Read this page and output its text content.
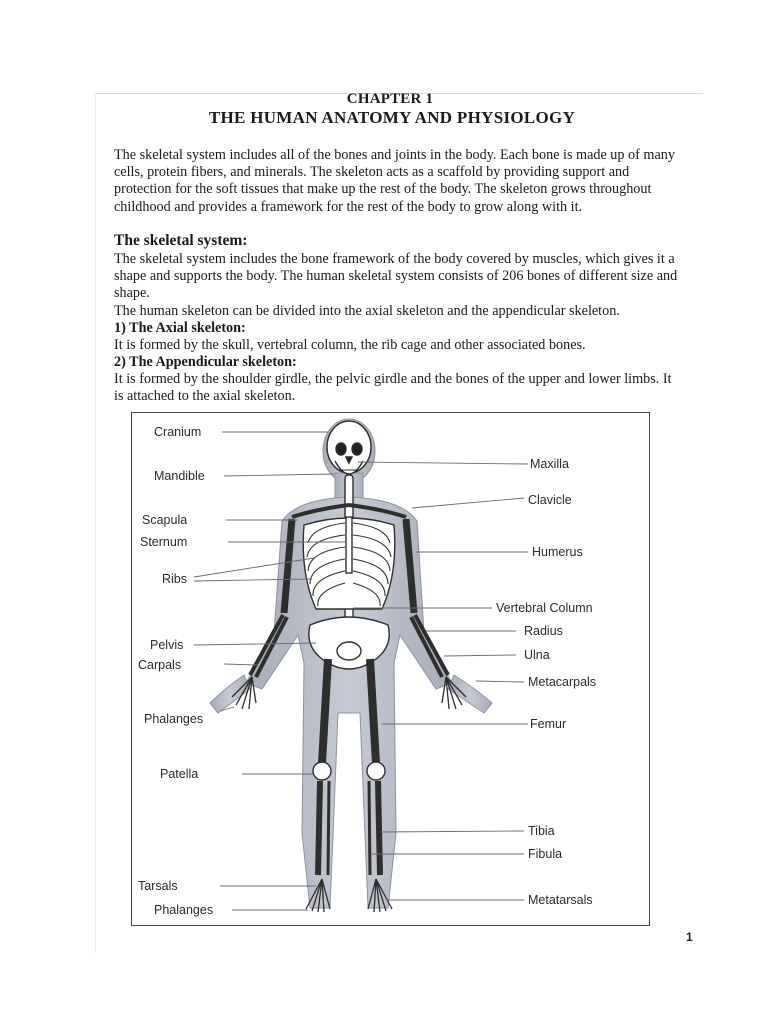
CHAPTER 1
THE HUMAN ANATOMY AND PHYSIOLOGY

The skeletal system includes all of the bones and joints in the body. Each bone is made up of many cells, protein fibers, and minerals. The skeleton acts as a scaffold by providing support and protection for the soft tissues that make up the rest of the body. The skeleton grows throughout childhood and provides a framework for the rest of the body to grow along with it.

The skeletal system:

The skeletal system includes the bone framework of the body covered by muscles, which gives it a shape and supports the body. The human skeletal system consists of 206 bones of different size and shape.

The human skeleton can be divided into the axial skeleton and the appendicular skeleton.

1) The Axial skeleton:

It is formed by the skull, vertebral column, the rib cage and other associated bones.

2) The Appendicular skeleton:

It is formed by the shoulder girdle, the pelvic girdle and the bones of the upper and lower limbs. It is attached to the axial skeleton.

Cranium
Mandible
Scapula
Sternum
Ribs
Pelvis
Carpals
Phalanges
Patella
Tarsals
Phalanges
Maxilla
Clavicle
Humerus
Vertebral Column
Radius
Ulna
Metacarpals
Femur
Tibia
Fibula
Metatarsals
1
